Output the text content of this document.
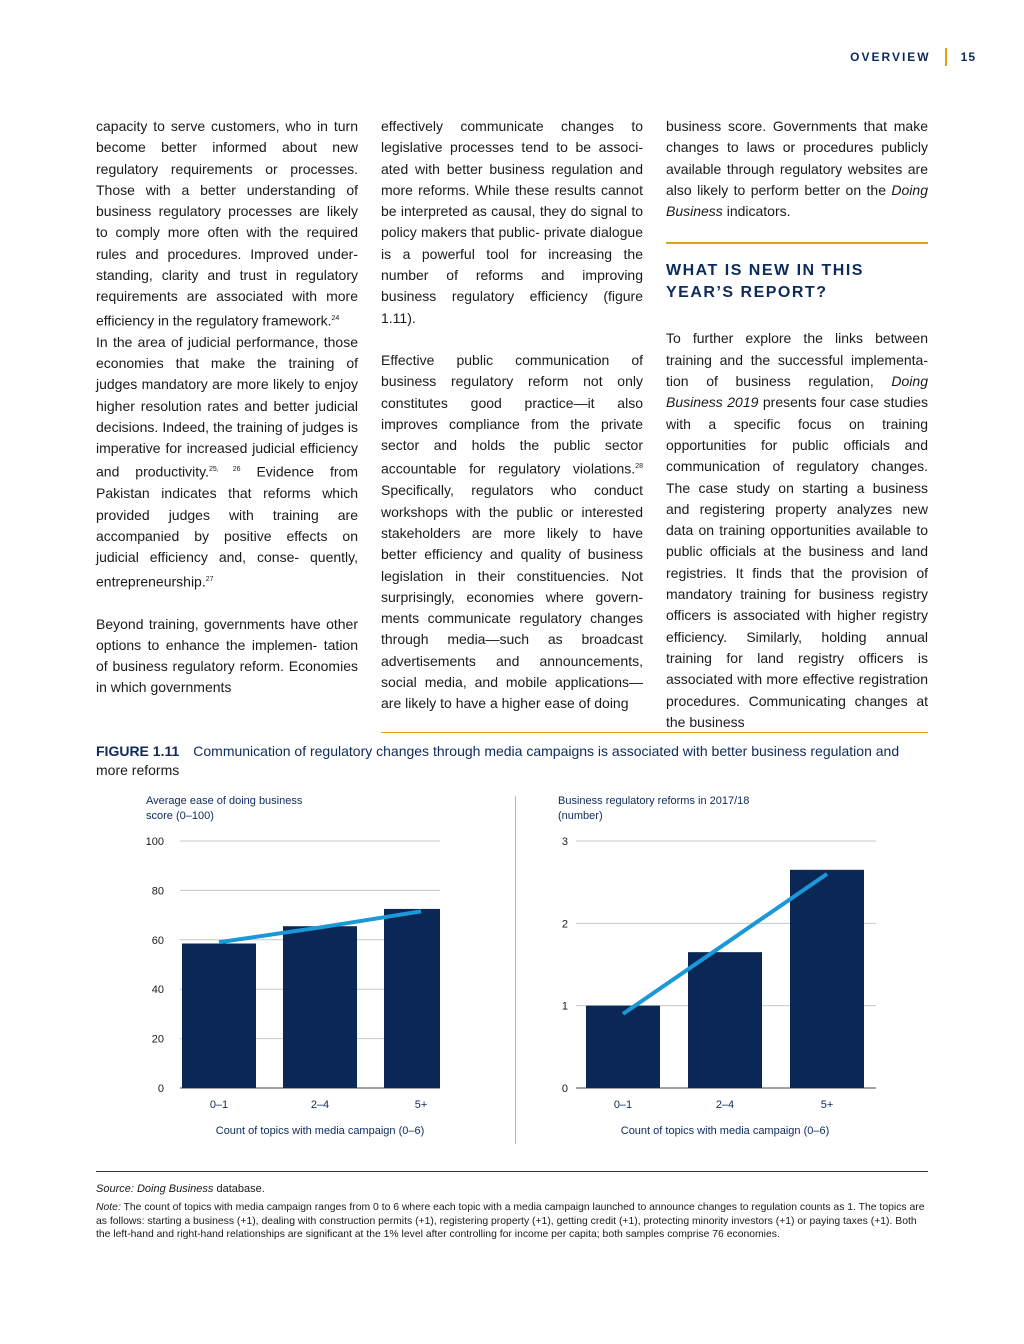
OVERVIEW	15

capacity to serve customers, who in turn become better informed about new regulatory requirements or processes. Those with a better understanding of business regulatory processes are likely to comply more often with the required rules and procedures. Improved under- standing, clarity and trust in regulatory requirements are associated with more efficiency in the regulatory framework.$^{24}$

In the area of judicial performance, those economies that make the training of judges mandatory are more likely to enjoy higher resolution rates and better judicial decisions. Indeed, the training of judges is imperative for increased judicial efficiency and productivity.$^{25, 26}$ Evidence from Pakistan indicates that reforms which provided judges with training are accompanied by positive effects on judicial efficiency and, conse- quently, entrepreneurship.$^{27}$

Beyond training, governments have other options to enhance the implemen- tation of business regulatory reform. Economies in which governments

effectively communicate changes to legislative processes tend to be associ- ated with better business regulation and more reforms. While these results cannot be interpreted as causal, they do signal to policy makers that public- private dialogue is a powerful tool for increasing the number of reforms and improving business regulatory efficiency (figure 1.11).

Effective public communication of business regulatory reform not only constitutes good practice—it also improves compliance from the private sector and holds the public sector accountable for regulatory violations.$^{28}$ Specifically, regulators who conduct workshops with the public or interested stakeholders are more likely to have better efficiency and quality of business legislation in their constituencies. Not surprisingly, economies where govern- ments communicate regulatory changes through media—such as broadcast advertisements and announcements, social media, and mobile applications—are likely to have a higher ease of doing

business score. Governments that make changes to laws or procedures publicly available through regulatory websites are also likely to perform better on the Doing Business indicators.

WHAT IS NEW IN THIS YEAR’S REPORT?

To further explore the links between training and the successful implementa- tion of business regulation, Doing Business 2019 presents four case studies with a specific focus on training opportunities for public officials and communication of regulatory changes. The case study on starting a business and registering property analyzes new data on training opportunities available to public officials at the business and land registries. It finds that the provision of mandatory training for business registry officers is associated with higher registry efficiency. Similarly, holding annual training for land registry officers is associated with more effective registration procedures. Communicating changes at the business

FIGURE 1.11 Communication of regulatory changes through media campaigns is associated with better business regulation and
more reforms
Average ease of doing business
score (0–100)
0
20
40
60
80
100
0–1	2–4	5+
Count of topics with media campaign (0–6)
Business regulatory reforms in 2017/18
(number)
0
1
2
3
0–1	2–4	5+
Count of topics with media campaign (0–6)
Source: Doing Business database.
Note: The count of topics with media campaign ranges from 0 to 6 where each topic with a media campaign launched to announce changes to regulation counts as 1. The topics are as follows: starting a business (+1), dealing with construction permits (+1), registering property (+1), getting credit (+1), protecting minority investors (+1) or paying taxes (+1). Both the left-hand and right-hand relationships are significant at the 1% level after controlling for income per capita; both samples comprise 76 economies.
